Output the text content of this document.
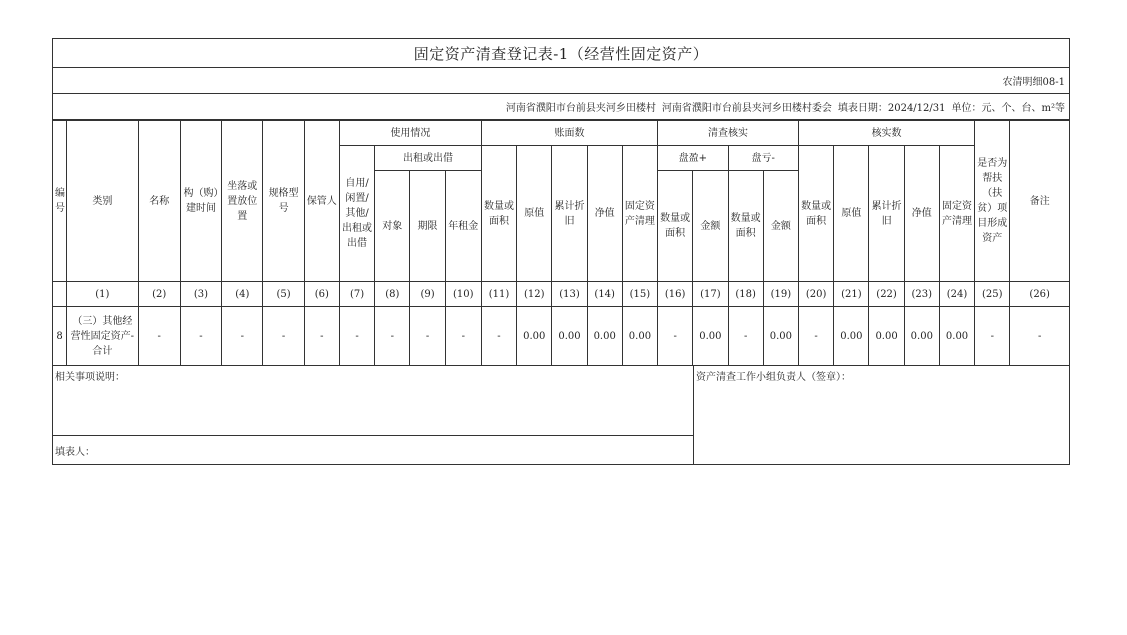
固定资产清查登记表-1（经营性固定资产）
农清明细08-1
河南省濮阳市台前县夹河乡田楼村 河南省濮阳市台前县夹河乡田楼村委会 填表日期：2024/12/31 单位：元、个、台、m²等
编号	类别	名称	构（购）建时间	坐落或置放位置	规格型号	保管人	使用情况				账面数					清查核实				核实数					是否为帮扶（扶贫）项目形成资产	备注
							自用/闲置/其他/出租或出借	出租或出借			数量或面积	原值	累计折旧	净值	固定资产清理	盘盈+		盘亏-		数量或面积	原值	累计折旧	净值	固定资产清理		
								对象	期限	年租金						数量或面积	金额	数量或面积	金额							
	(1)	(2)	(3)	(4)	(5)	(6)	(7)	(8)	(9)	(10)	(11)	(12)	(13)	(14)	(15)	(16)	(17)	(18)	(19)	(20)	(21)	(22)	(23)	(24)	(25)	(26)
8	（三）其他经营性固定资产-合计	-	-	-	-	-	-	-	-	-	-	0.00	0.00	0.00	0.00	-	0.00	-	0.00	-	0.00	0.00	0.00	0.00	-	-
相关事项说明：
填表人：
资产清查工作小组负责人（签章）：
